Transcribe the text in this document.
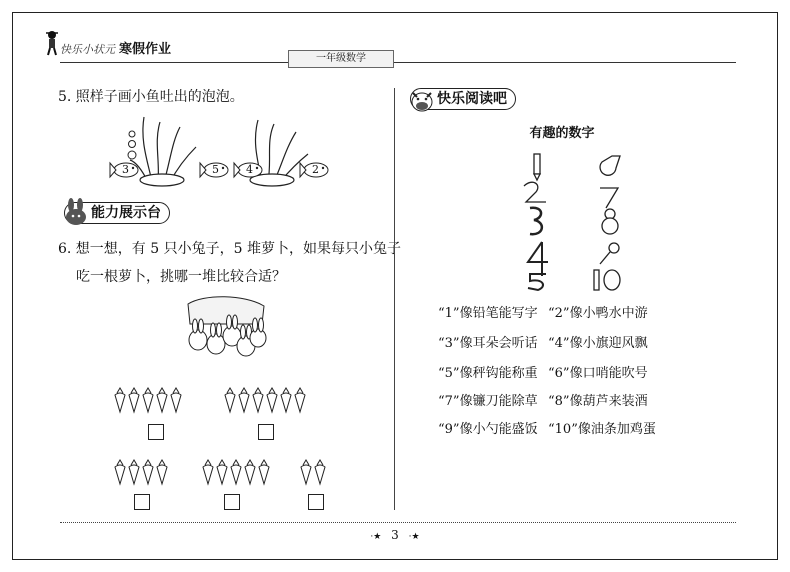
快乐小状元 寒假作业
一年级数学
5. 照样子画小鱼吐出的泡泡。
3	5 4	2
能力展示台
6. 想一想，有 5 只小兔子，5 堆萝卜，如果每只小兔子
吃一根萝卜，挑哪一堆比较合适？
快乐阅读吧
有趣的数字
“1”像铅笔能写字 “2”像小鸭水中游
“3”像耳朵会听话 “4”像小旗迎风飘
“5”像秤钩能称重 “6”像口哨能吹号
“7”像镰刀能除草 “8”像葫芦来装酒
“9”像小勺能盛饭 “10”像油条加鸡蛋
·★ 3 ·★
